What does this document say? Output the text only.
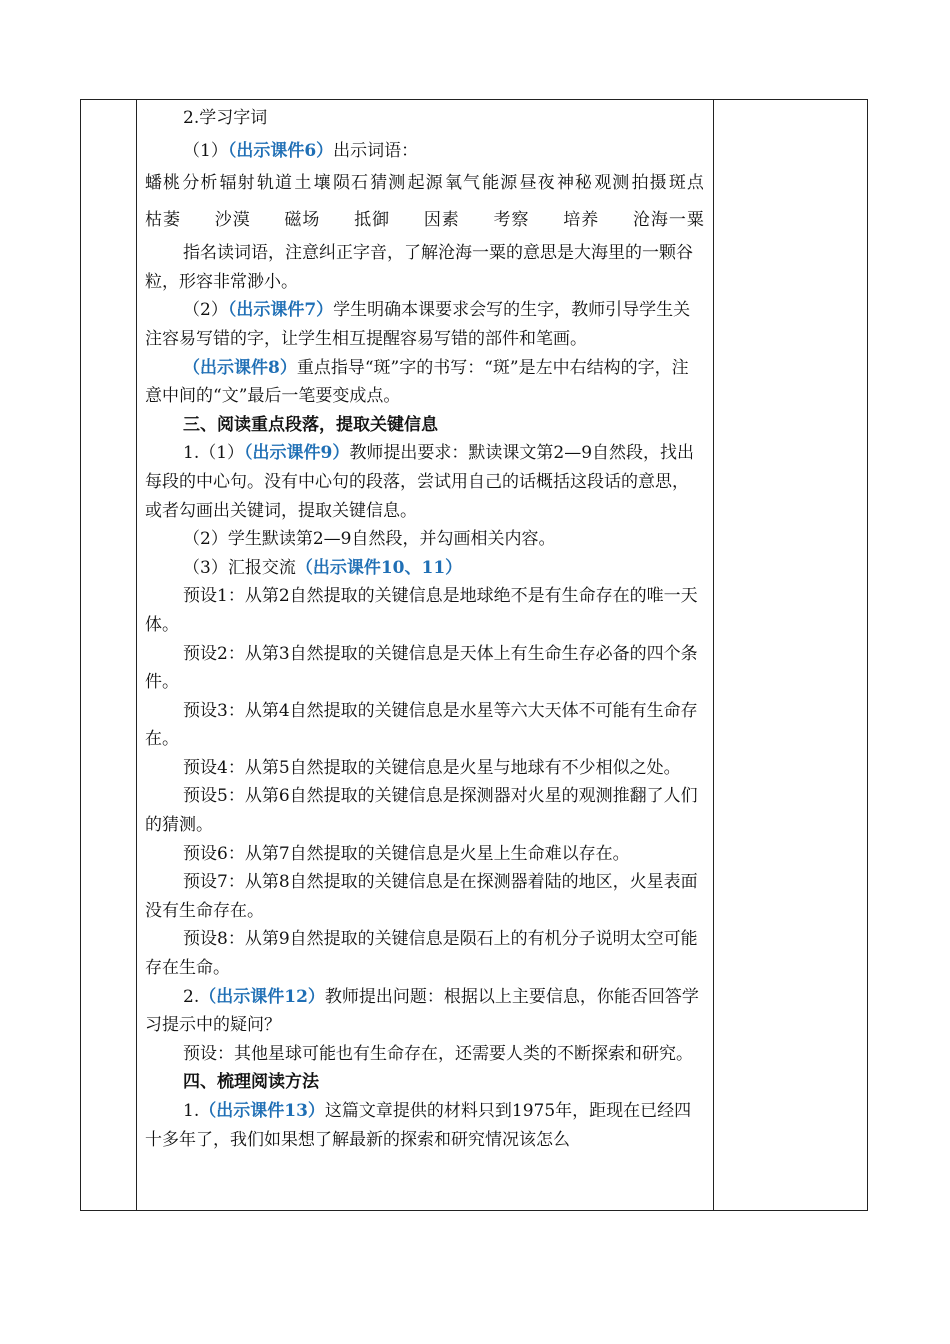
2.学习字词

（1）（出示课件6）出示词语：

蟠桃 分析 辐射 轨道 土 壤 陨石 猜测 起源 氧气 能源 昼夜 神秘 观测 拍摄 斑点
枯萎 沙漠 磁场 抵御 因素 考察 培养 沧海一粟

指名读词语，注意纠正字音，了解沧海一粟的意思是大海里的一颗谷粒，形容非常渺小。

（2）（出示课件7）学生明确本课要求会写的生字，教师引导学生关注容易写错的字，让学生相互提醒容易写错的部件和笔画。

（出示课件8）重点指导“斑”字的书写：“斑”是左中右结构的字，注意中间的“文”最后一笔要变成点。

三、阅读重点段落，提取关键信息

1.（1）（出示课件9）教师提出要求：默读课文第2—9自然段，找出每段的中心句。没有中心句的段落，尝试用自己的话概括这段话的意思，或者勾画出关键词，提取关键信息。

（2）学生默读第2—9自然段，并勾画相关内容。

（3）汇报交流（出示课件10、11）

预设1：从第2自然提取的关键信息是地球绝不是有生命存在的唯一天体。

预设2：从第3自然提取的关键信息是天体上有生命生存必备的四个条件。

预设3：从第4自然提取的关键信息是水星等六大天体不可能有生命存在。

预设4：从第5自然提取的关键信息是火星与地球有不少相似之处。

预设5：从第6自然提取的关键信息是探测器对火星的观测推翻了人们的猜测。

预设6：从第7自然提取的关键信息是火星上生命难以存在。

预设7：从第8自然提取的关键信息是在探测器着陆的地区，火星表面没有生命存在。

预设8：从第9自然提取的关键信息是陨石上的有机分子说明太空可能存在生命。

2.（出示课件12）教师提出问题：根据以上主要信息，你能否回答学习提示中的疑问？

预设：其他星球可能也有生命存在，还需要人类的不断探索和研究。

四、梳理阅读方法

1.（出示课件13）这篇文章提供的材料只到1975年，距现在已经四十多年了，我们如果想了解最新的探索和研究情况该怎么
